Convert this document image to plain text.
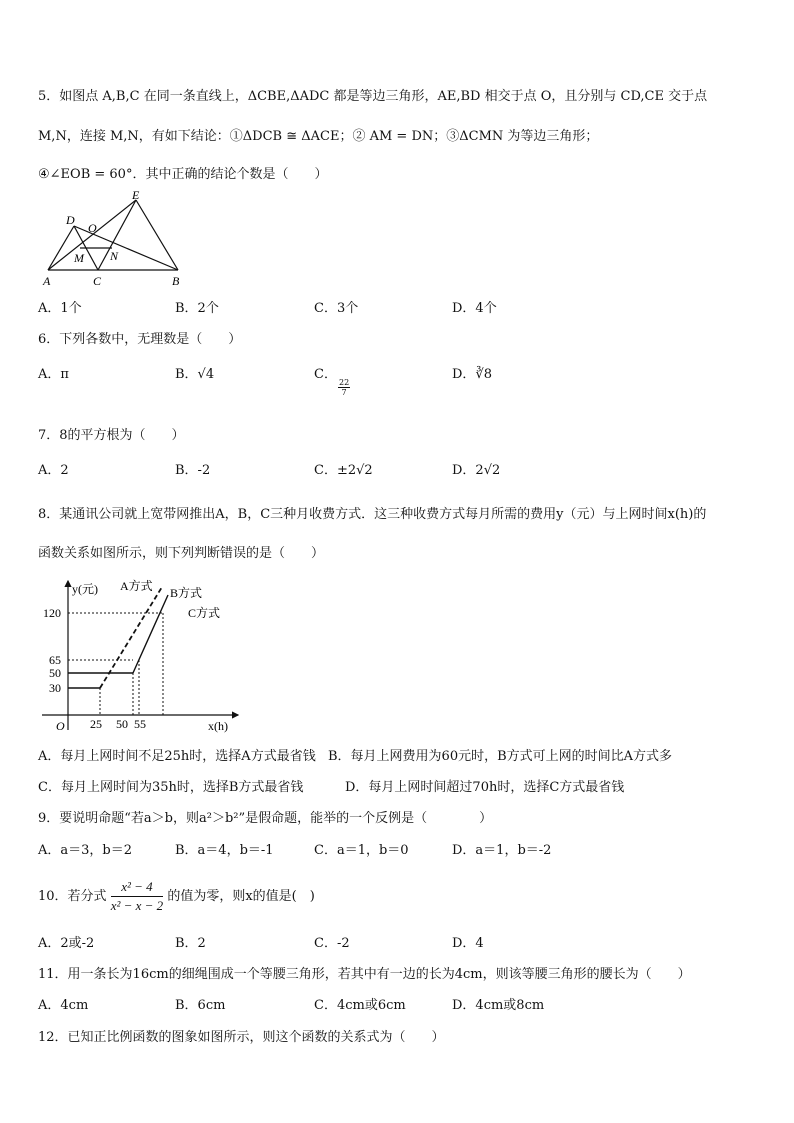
5．如图点 A,B,C 在同一条直线上，ΔCBE,ΔADC 都是等边三角形，AE,BD 相交于点 O，且分别与 CD,CE 交于点
M,N，连接 M,N，有如下结论：①ΔDCB ≅ ΔACE；② AM = DN；③ΔCMN 为等边三角形；
④∠EOB = 60°．其中正确的结论个数是（　　）
D
E
O
M N
A	C	B
A．1个	B．2个	C．3个	D．4个
6．下列各数中，无理数是（　　）
A．π	B．√4	C．
$\frac{22}{7}$
D．∛8
7．8的平方根为（　　）
A．2	B．-2	C．±2√2	D．2√2
8．某通讯公司就上宽带网推出A，B，C三种月收费方式．这三种收费方式每月所需的费用y（元）与上网时间x(h)的
函数关系如图所示，则下列判断错误的是（　　）
y(元)
x(h)
O
120
65
50
30
25 50 55
A方式 B方式
C方式
A．每月上网时间不足25h时，选择A方式最省钱 B．每月上网费用为60元时，B方式可上网的时间比A方式多
C．每月上网时间为35h时，选择B方式最省钱	D．每月上网时间超过70h时，选择C方式最省钱
9．要说明命题“若a＞b，则a²＞b²”是假命题，能举的一个反例是（　　　　）
A．a＝3，b＝2	B．a＝4，b＝-1	C．a＝1，b＝0	D．a＝1，b＝-2
10．若分式 $\frac{\text{x² − 4}}{\text{x² − x − 2}}$ 的值为零，则x的值是(　)
A．2或-2	B．2	C．-2	D．4
11．用一条长为16cm的细绳围成一个等腰三角形，若其中有一边的长为4cm，则该等腰三角形的腰长为（　　）
A．4cm	B．6cm	C．4cm或6cm	D．4cm或8cm
12．已知正比例函数的图象如图所示，则这个函数的关系式为（　　）
